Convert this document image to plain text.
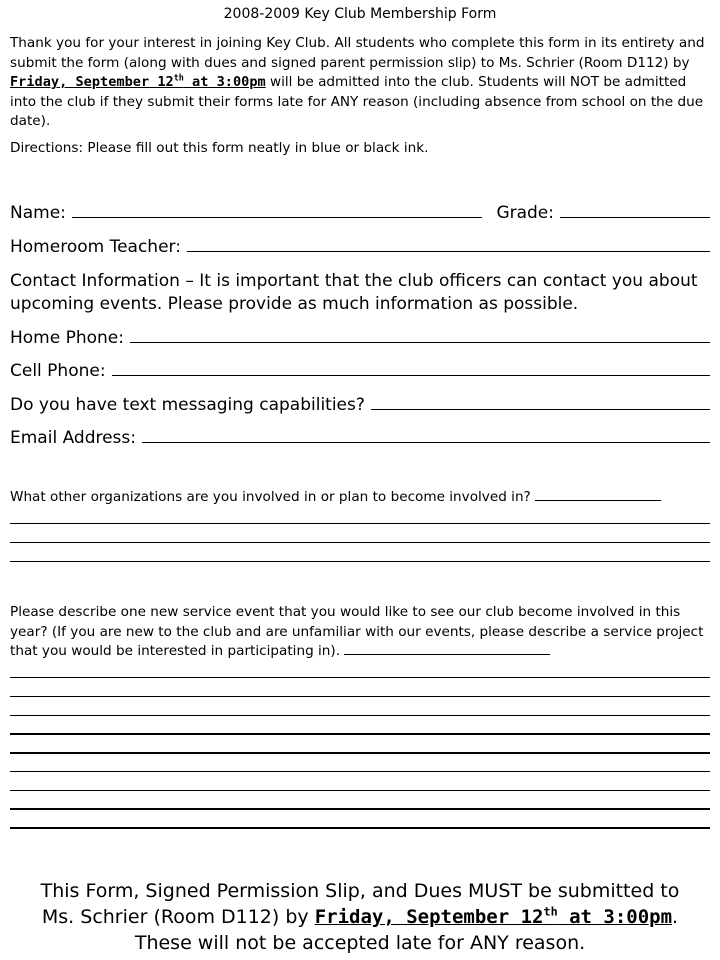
2008-2009 Key Club Membership Form
Thank you for your interest in joining Key Club. All students who complete this form in its entirety and submit the form (along with dues and signed parent permission slip) to Ms. Schrier (Room D112) by Friday, September 12th at 3:00pm will be admitted into the club. Students will NOT be admitted into the club if they submit their forms late for ANY reason (including absence from school on the due date).
Directions: Please fill out this form neatly in blue or black ink.
Name:	Grade:
Homeroom Teacher:
Contact Information – It is important that the club officers can contact you about upcoming events. Please provide as much information as possible.
Home Phone:
Cell Phone:
Do you have text messaging capabilities?
Email Address:
What other organizations are you involved in or plan to become involved in?
Please describe one new service event that you would like to see our club become involved in this year? (If you are new to the club and are unfamiliar with our events, please describe a service project that you would be interested in participating in).
This Form, Signed Permission Slip, and Dues MUST be submitted to
Ms. Schrier (Room D112) by Friday, September 12th at 3:00pm.
These will not be accepted late for ANY reason.
